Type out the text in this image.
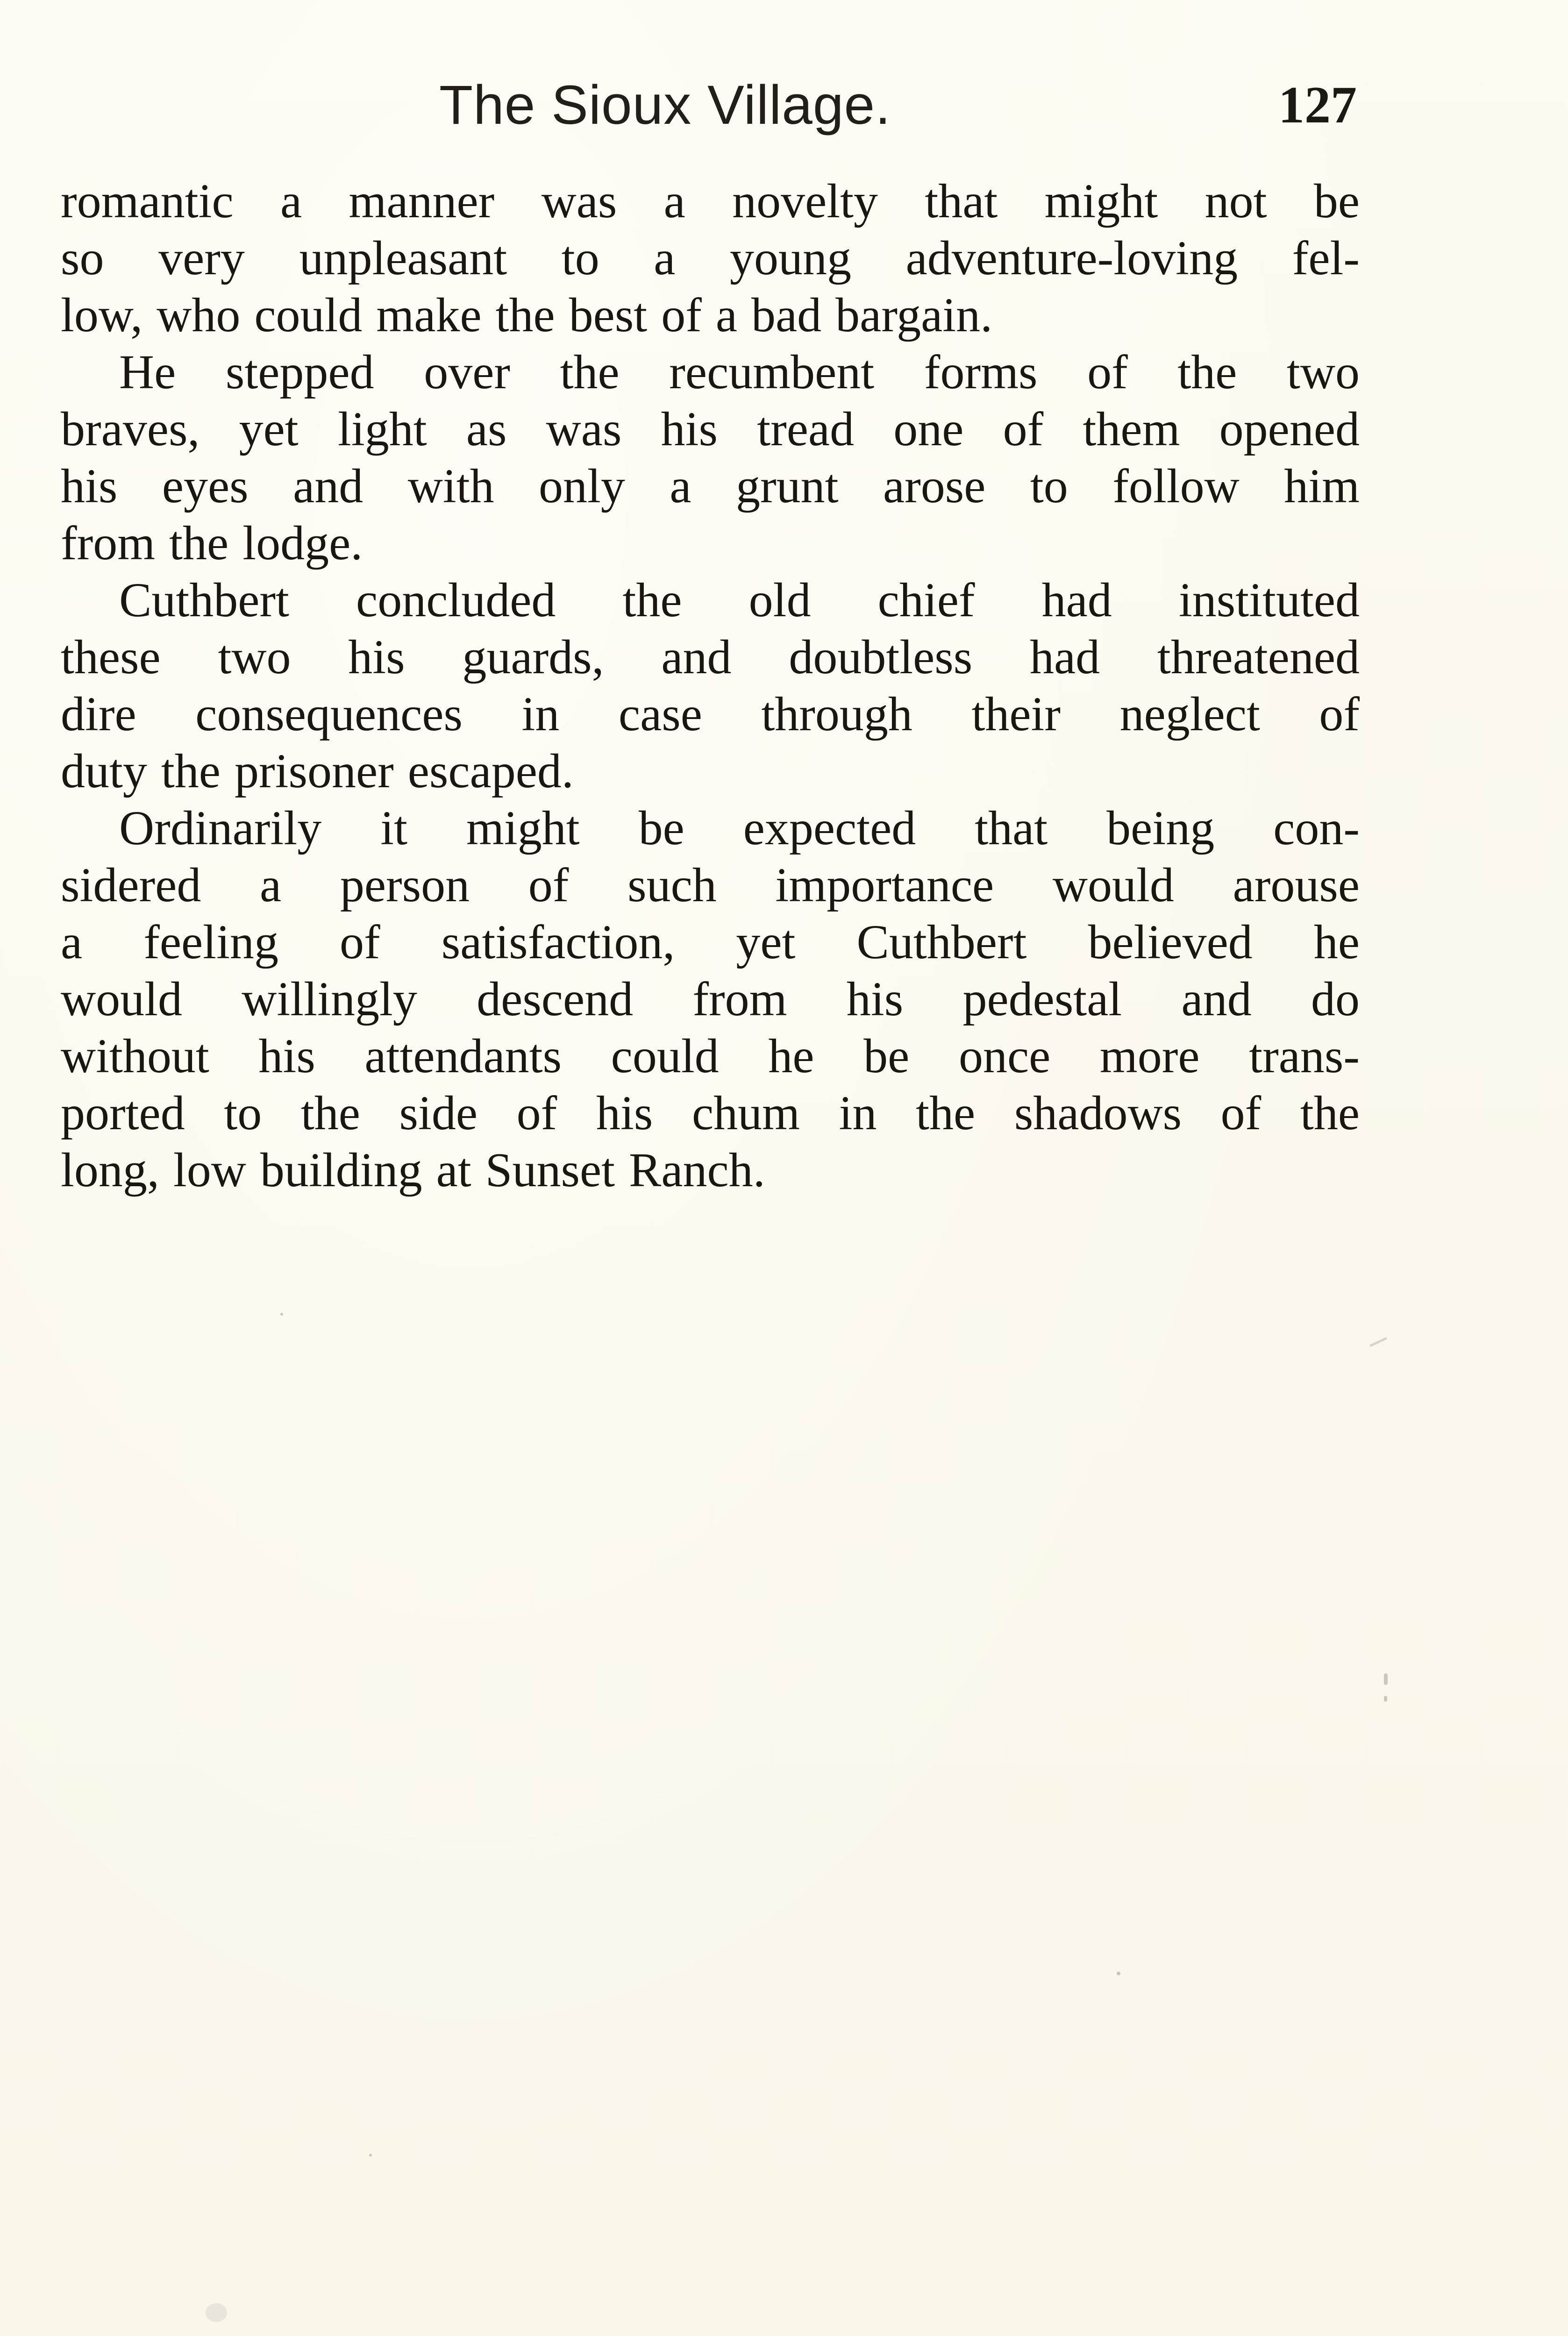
The Sioux Village.	127
romantic a manner was a novelty that might not be
so very unpleasant to a young adventure-loving fel-
low, who could make the best of a bad bargain.
He stepped over the recumbent forms of the two
braves, yet light as was his tread one of them opened
his eyes and with only a grunt arose to follow him
from the lodge.
Cuthbert concluded the old chief had instituted
these two his guards, and doubtless had threatened
dire consequences in case through their neglect of
duty the prisoner escaped.
Ordinarily it might be expected that being con-
sidered a person of such importance would arouse
a feeling of satisfaction, yet Cuthbert believed he
would willingly descend from his pedestal and do
without his attendants could he be once more trans-
ported to the side of his chum in the shadows of the
long, low building at Sunset Ranch.
